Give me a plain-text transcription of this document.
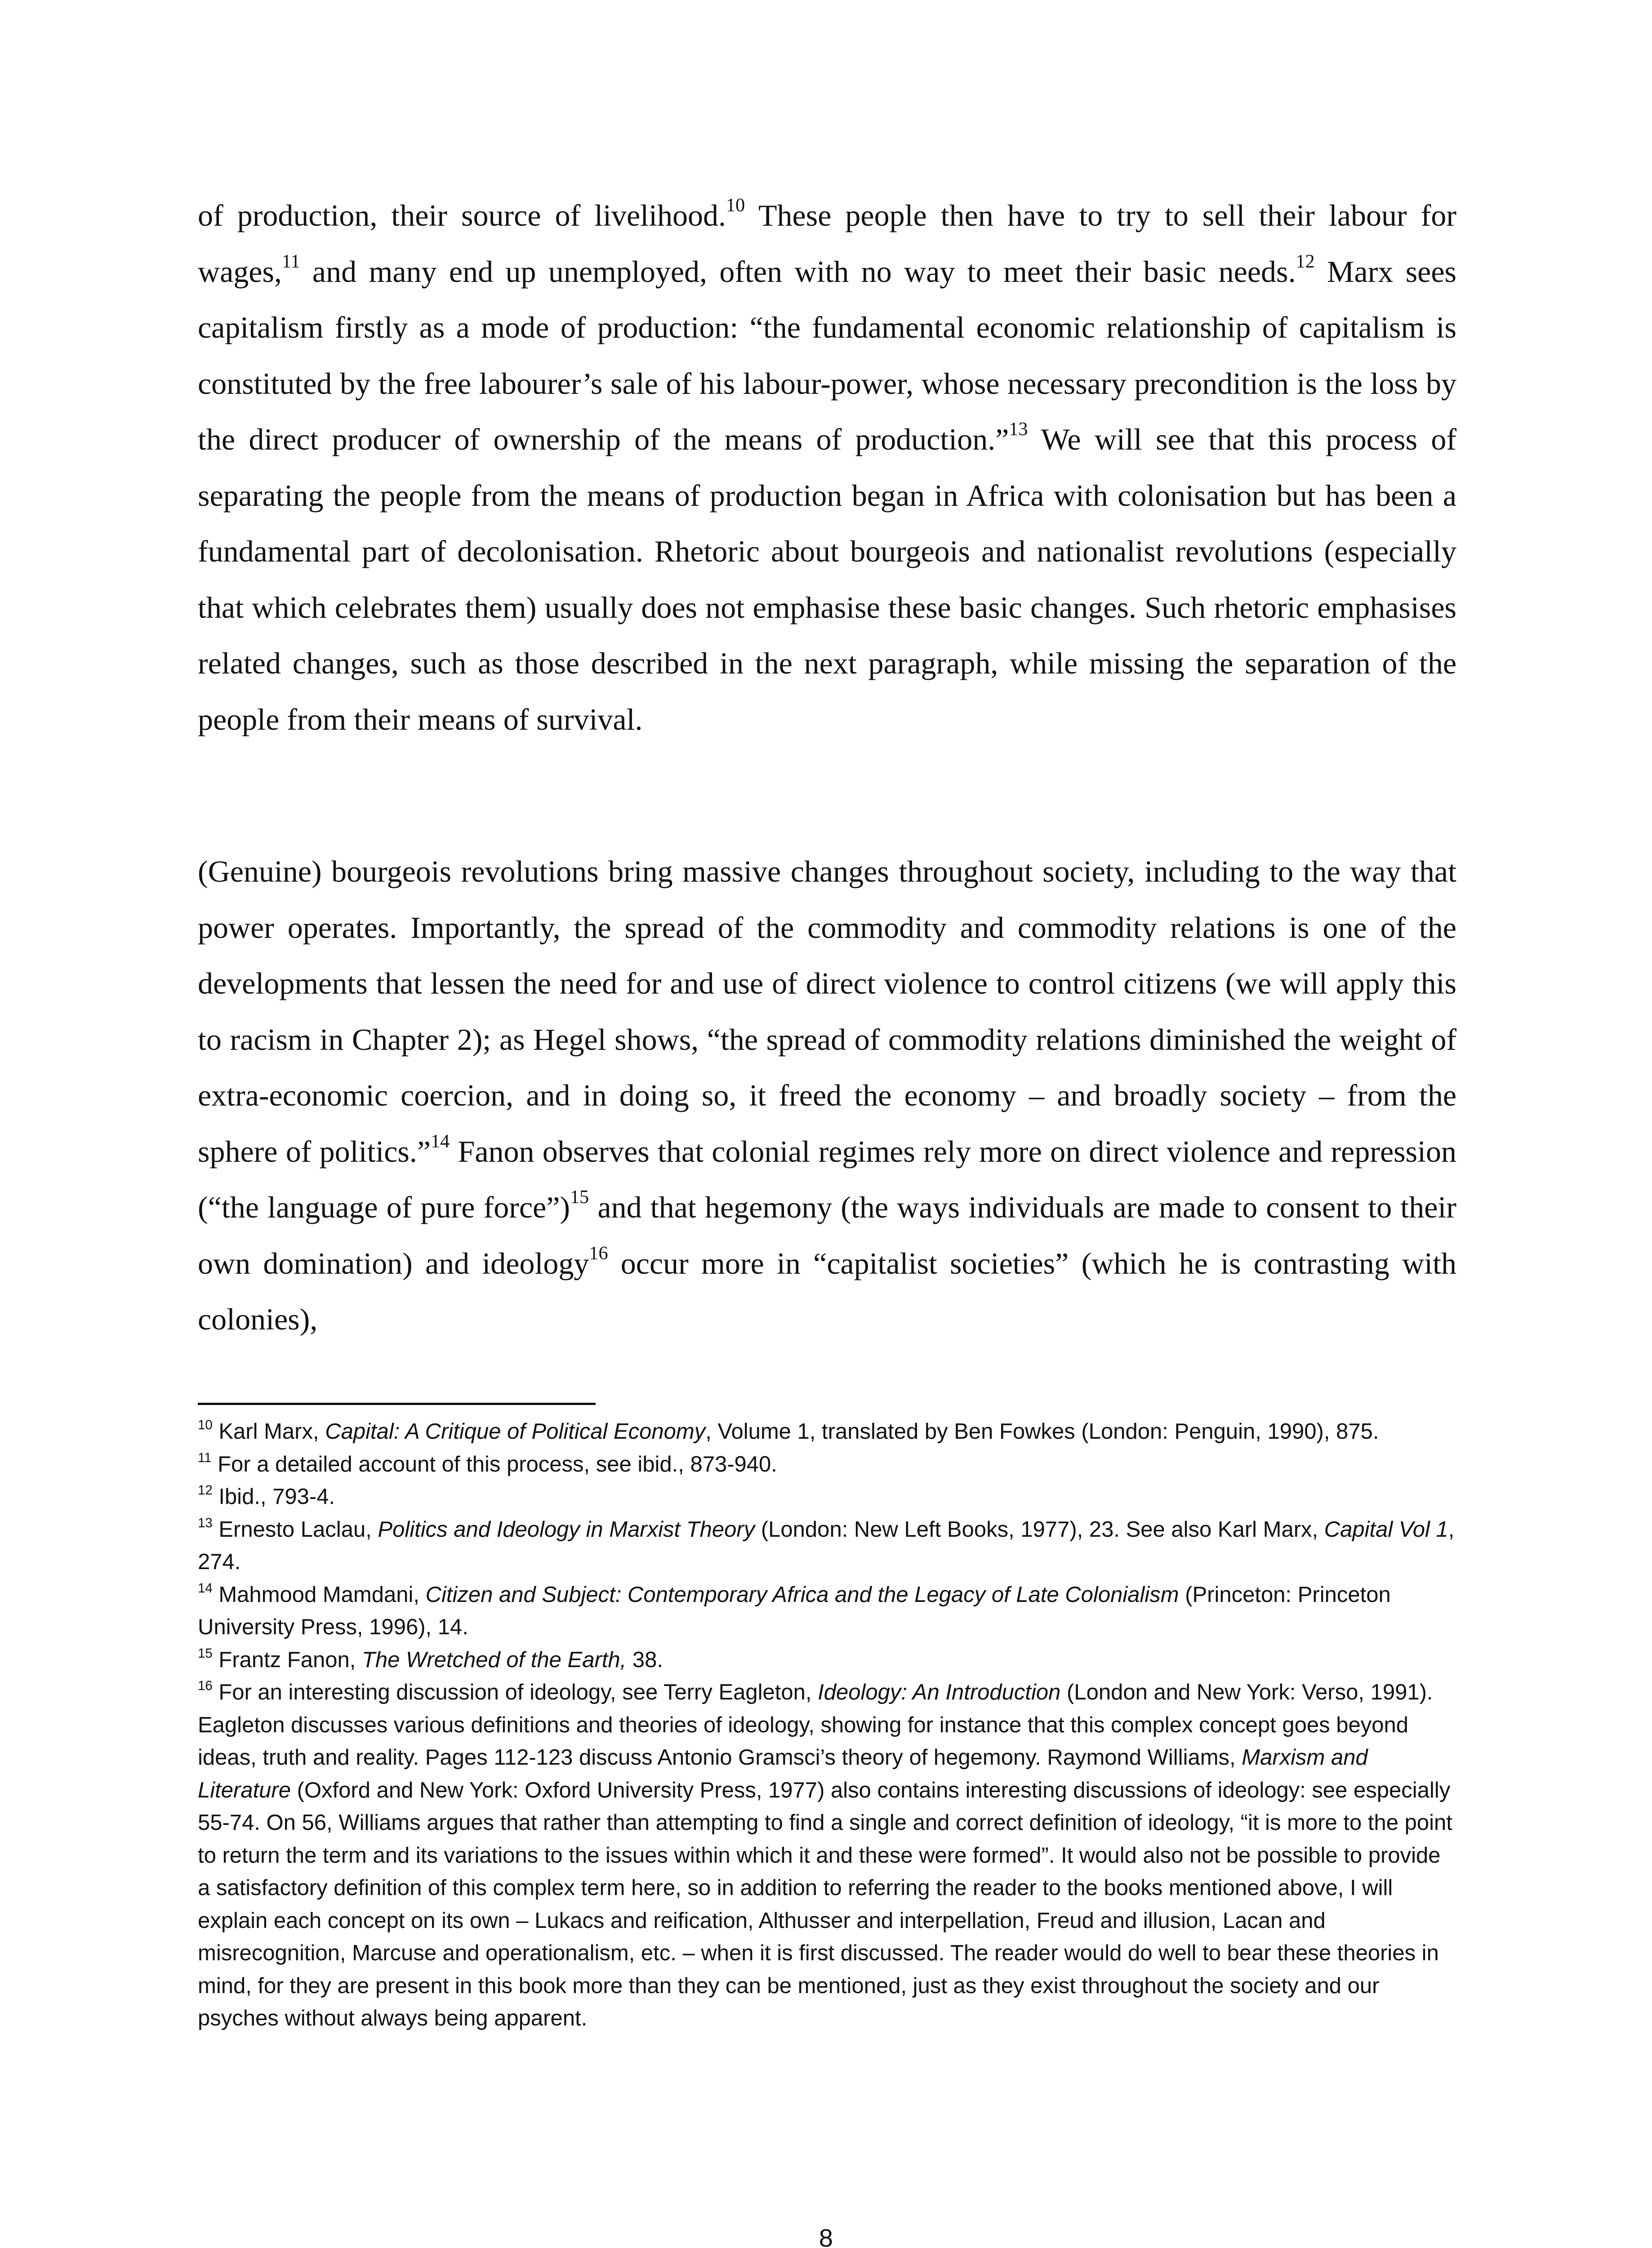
of production, their source of livelihood.$^{10}$ These people then have to try to sell their labour for wages,$^{11}$ and many end up unemployed, often with no way to meet their basic needs.$^{12}$ Marx sees capitalism firstly as a mode of production: “the fundamental economic relationship of capitalism is constituted by the free labourer’s sale of his labour-power, whose necessary precondition is the loss by the direct producer of ownership of the means of production.”$^{13}$ We will see that this process of separating the people from the means of production began in Africa with colonisation but has been a fundamental part of decolonisation. Rhetoric about bourgeois and nationalist revolutions (especially that which celebrates them) usually does not emphasise these basic changes. Such rhetoric emphasises related changes, such as those described in the next paragraph, while missing the separation of the people from their means of survival.

(Genuine) bourgeois revolutions bring massive changes throughout society, including to the way that power operates. Importantly, the spread of the commodity and commodity relations is one of the developments that lessen the need for and use of direct violence to control citizens (we will apply this to racism in Chapter 2); as Hegel shows, “the spread of commodity relations diminished the weight of extra-economic coercion, and in doing so, it freed the economy – and broadly society – from the sphere of politics.”$^{14}$ Fanon observes that colonial regimes rely more on direct violence and repression (“the language of pure force”)$^{15}$ and that hegemony (the ways individuals are made to consent to their own domination) and ideology$^{16}$ occur more in “capitalist societies” (which he is contrasting with colonies),

$^{10}$ Karl Marx, Capital: A Critique of Political Economy, Volume 1, translated by Ben Fowkes (London: Penguin, 1990), 875.

$^{11}$ For a detailed account of this process, see ibid., 873-940.

$^{12}$ Ibid., 793-4.

$^{13}$ Ernesto Laclau, Politics and Ideology in Marxist Theory (London: New Left Books, 1977), 23. See also Karl Marx, Capital Vol 1, 274.

$^{14}$ Mahmood Mamdani, Citizen and Subject: Contemporary Africa and the Legacy of Late Colonialism (Princeton: Princeton University Press, 1996), 14.

$^{15}$ Frantz Fanon, The Wretched of the Earth, 38.

$^{16}$ For an interesting discussion of ideology, see Terry Eagleton, Ideology: An Introduction (London and New York: Verso, 1991). Eagleton discusses various definitions and theories of ideology, showing for instance that this complex concept goes beyond ideas, truth and reality. Pages 112-123 discuss Antonio Gramsci’s theory of hegemony. Raymond Williams, Marxism and Literature (Oxford and New York: Oxford University Press, 1977) also contains interesting discussions of ideology: see especially 55-74. On 56, Williams argues that rather than attempting to find a single and correct definition of ideology, “it is more to the point to return the term and its variations to the issues within which it and these were formed”. It would also not be possible to provide a satisfactory definition of this complex term here, so in addition to referring the reader to the books mentioned above, I will explain each concept on its own – Lukacs and reification, Althusser and interpellation, Freud and illusion, Lacan and misrecognition, Marcuse and operationalism, etc. – when it is first discussed. The reader would do well to bear these theories in mind, for they are present in this book more than they can be mentioned, just as they exist throughout the society and our psyches without always being apparent.

8
